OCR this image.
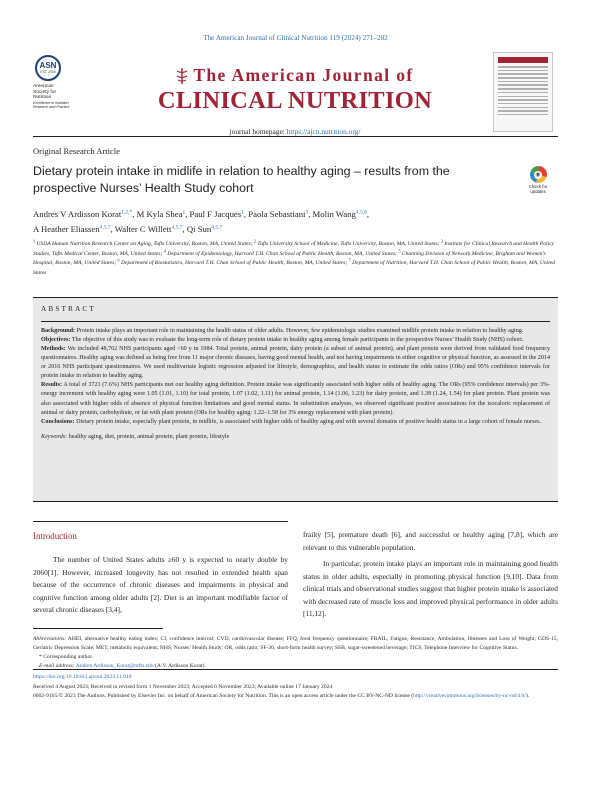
The American Journal of Clinical Nutrition 119 (2024) 271–282
ASN
EST. 1928
American
Society for
Nutrition
Excellence in Nutrition Research and Practice
The American Journal of
CLINICAL NUTRITION
journal homepage: https://ajcn.nutrition.org/
Original Research Article
Dietary protein intake in midlife in relation to healthy aging – results from the prospective Nurses’ Health Study cohort
◉
Check for updates
Andres V Ardisson Korat$^{1,2,*}$, M Kyla Shea$^1$, Paul F Jacques$^1$, Paola Sebastiani$^3$, Molin Wang$^{4,5,6}$,
A Heather Eliassen$^{4,5,7}$, Walter C Willett$^{4,5,7}$, Qi Sun$^{4,5,7}$
$^1$ USDA Human Nutrition Research Center on Aging, Tufts University, Boston, MA, United States; $^2$ Tufts University School of Medicine, Tufts University, Boston, MA, United States; $^3$ Institute for Clinical Research and Health Policy Studies, Tufts Medical Center, Boston, MA, United States; $^4$ Department of Epidemiology, Harvard T.H. Chan School of Public Health, Boston, MA, United States; $^5$ Channing Division of Network Medicine, Brigham and Women’s Hospital, Boston, MA, United States; $^6$ Department of Biostatistics, Harvard T.H. Chan School of Public Health, Boston, MA, United States; $^7$ Department of Nutrition, Harvard T.H. Chan School of Public Health, Boston, MA, United States
ABSTRACT

Background: Protein intake plays an important role in maintaining the health status of older adults. However, few epidemiologic studies examined midlife protein intake in relation to healthy aging.

Objectives: The objective of this study was to evaluate the long-term role of dietary protein intake in healthy aging among female participants in the prospective Nurses’ Health Study (NHS) cohort.

Methods: We included 48,762 NHS participants aged <60 y in 1984. Total protein, animal protein, dairy protein (a subset of animal protein), and plant protein were derived from validated food frequency questionnaires. Healthy aging was defined as being free from 11 major chronic diseases, having good mental health, and not having impairments in either cognitive or physical function, as assessed in the 2014 or 2016 NHS participant questionnaires. We used multivariate logistic regression adjusted for lifestyle, demographics, and health status to estimate the odds ratios (ORs) and 95% confidence intervals for protein intake in relation to healthy aging.

Results: A total of 3721 (7.6%) NHS participants met our healthy aging definition. Protein intake was significantly associated with higher odds of healthy aging. The ORs (95% confidence intervals) per 3%-energy increment with healthy aging were 1.05 (1.01, 1.10) for total protein, 1.07 (1.02, 1.11) for animal protein, 1.14 (1.06, 1.23) for dairy protein, and 1.38 (1.24, 1.54) for plant protein. Plant protein was also associated with higher odds of absence of physical function limitations and good mental status. In substitution analyses, we observed significant positive associations for the isocaloric replacement of animal or dairy protein, carbohydrate, or fat with plant protein (ORs for healthy aging: 1.22–1.58 for 3% energy replacement with plant protein).

Conclusions: Dietary protein intake, especially plant protein, in midlife, is associated with higher odds of healthy aging and with several domains of positive health status in a large cohort of female nurses.

Keywords: healthy aging, diet, protein, animal protein, plant protein, lifestyle
Introduction

The number of United States adults ≥60 y is expected to nearly double by 2060[1]. However, increased longevity has not resulted in extended health span because of the occurrence of chronic diseases and impairments in physical and cognitive function among older adults [2]. Diet is an important modifiable factor of several chronic diseases [3,4],

frailty [5], premature death [6], and successful or healthy aging [7,8], which are relevant to this vulnerable population.

In particular, protein intake plays an important role in maintaining good health status in older adults, especially in promoting physical function [9,10]. Data from clinical trials and observational studies suggest that higher protein intake is associated with decreased rate of muscle loss and improved physical performance in older adults [11,12].

Abbreviations: AHEI, alternative healthy eating index; CI, confidence interval; CVD, cardiovascular disease; FFQ, food frequency questionnaire; FRAIL, Fatigue, Resistance, Ambulation, Illnesses and Loss of Weight; GDS-15, Geriatric Depression Scale; MET, metabolic equivalent; NHS, Nurses’ Health Study; OR, odds ratio; SF-36, short-form health survey; SSB, sugar-sweetened beverage; TICS, Telephone Interview for Cognitive Status.
* Corresponding author.
E-mail address: Andres.Ardisson_Korat@tufts.edu (A.V. Ardisson Korat).
https://doi.org/10.1016/j.ajcnut.2023.11.010
Received 4 August 2023; Received in revised form 1 November 2023; Accepted 6 November 2023; Available online 17 January 2024
0002-9165/© 2023 The Authors. Published by Elsevier Inc. on behalf of American Society for Nutrition. This is an open access article under the CC BY-NC-ND license (http://creativecommons.org/licenses/by-nc-nd/4.0/).
